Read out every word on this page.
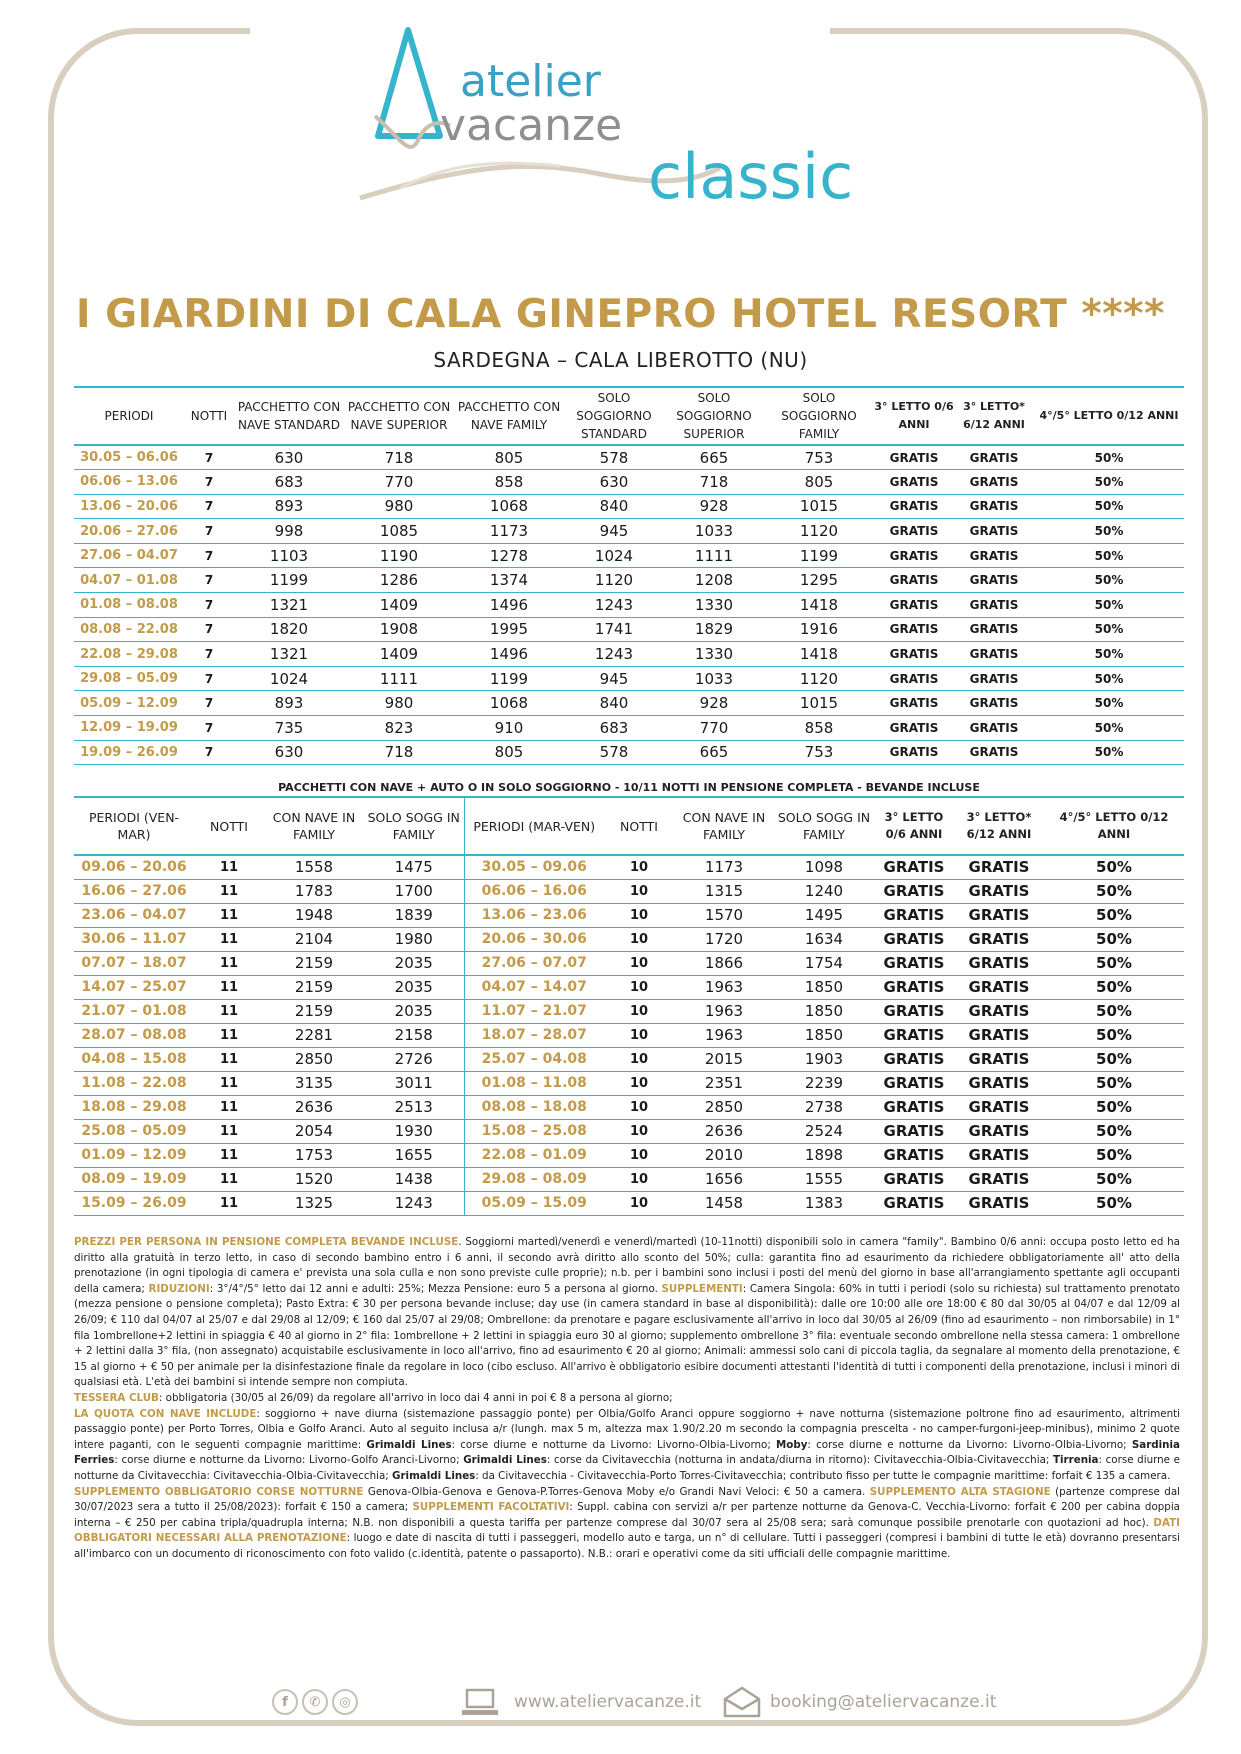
atelier
vacanze
classic
I GIARDINI DI CALA GINEPRO HOTEL RESORT ****
SARDEGNA – CALA LIBEROTTO (NU)
PERIODI	NOTTI	PACCHETTO CON NAVE STANDARD	PACCHETTO CON NAVE SUPERIOR	PACCHETTO CON NAVE FAMILY	SOLO SOGGIORNO STANDARD	SOLO SOGGIORNO SUPERIOR	SOLO SOGGIORNO FAMILY	3° LETTO 0/6 ANNI	3° LETTO* 6/12 ANNI	4°/5° LETTO 0/12 ANNI
30.05 – 06.06	7	630	718	805	578	665	753	GRATIS	GRATIS	50%
06.06 – 13.06	7	683	770	858	630	718	805	GRATIS	GRATIS	50%
13.06 – 20.06	7	893	980	1068	840	928	1015	GRATIS	GRATIS	50%
20.06 – 27.06	7	998	1085	1173	945	1033	1120	GRATIS	GRATIS	50%
27.06 – 04.07	7	1103	1190	1278	1024	1111	1199	GRATIS	GRATIS	50%
04.07 – 01.08	7	1199	1286	1374	1120	1208	1295	GRATIS	GRATIS	50%
01.08 – 08.08	7	1321	1409	1496	1243	1330	1418	GRATIS	GRATIS	50%
08.08 – 22.08	7	1820	1908	1995	1741	1829	1916	GRATIS	GRATIS	50%
22.08 – 29.08	7	1321	1409	1496	1243	1330	1418	GRATIS	GRATIS	50%
29.08 – 05.09	7	1024	1111	1199	945	1033	1120	GRATIS	GRATIS	50%
05.09 – 12.09	7	893	980	1068	840	928	1015	GRATIS	GRATIS	50%
12.09 – 19.09	7	735	823	910	683	770	858	GRATIS	GRATIS	50%
19.09 – 26.09	7	630	718	805	578	665	753	GRATIS	GRATIS	50%
PACCHETTI CON NAVE + AUTO O IN SOLO SOGGIORNO - 10/11 NOTTI IN PENSIONE COMPLETA - BEVANDE INCLUSE
PERIODI (VEN-MAR)	NOTTI	CON NAVE IN FAMILY	SOLO SOGG IN FAMILY	PERIODI (MAR-VEN)	NOTTI	CON NAVE IN FAMILY	SOLO SOGG IN FAMILY	3° LETTO 0/6 ANNI	3° LETTO* 6/12 ANNI	4°/5° LETTO 0/12 ANNI
09.06 – 20.06	11	1558	1475	30.05 – 09.06	10	1173	1098	GRATIS	GRATIS	50%
16.06 – 27.06	11	1783	1700	06.06 – 16.06	10	1315	1240	GRATIS	GRATIS	50%
23.06 – 04.07	11	1948	1839	13.06 – 23.06	10	1570	1495	GRATIS	GRATIS	50%
30.06 – 11.07	11	2104	1980	20.06 – 30.06	10	1720	1634	GRATIS	GRATIS	50%
07.07 – 18.07	11	2159	2035	27.06 – 07.07	10	1866	1754	GRATIS	GRATIS	50%
14.07 – 25.07	11	2159	2035	04.07 – 14.07	10	1963	1850	GRATIS	GRATIS	50%
21.07 – 01.08	11	2159	2035	11.07 – 21.07	10	1963	1850	GRATIS	GRATIS	50%
28.07 – 08.08	11	2281	2158	18.07 – 28.07	10	1963	1850	GRATIS	GRATIS	50%
04.08 – 15.08	11	2850	2726	25.07 – 04.08	10	2015	1903	GRATIS	GRATIS	50%
11.08 – 22.08	11	3135	3011	01.08 – 11.08	10	2351	2239	GRATIS	GRATIS	50%
18.08 – 29.08	11	2636	2513	08.08 – 18.08	10	2850	2738	GRATIS	GRATIS	50%
25.08 – 05.09	11	2054	1930	15.08 – 25.08	10	2636	2524	GRATIS	GRATIS	50%
01.09 – 12.09	11	1753	1655	22.08 – 01.09	10	2010	1898	GRATIS	GRATIS	50%
08.09 – 19.09	11	1520	1438	29.08 – 08.09	10	1656	1555	GRATIS	GRATIS	50%
15.09 – 26.09	11	1325	1243	05.09 – 15.09	10	1458	1383	GRATIS	GRATIS	50%

PREZZI PER PERSONA IN PENSIONE COMPLETA BEVANDE INCLUSE. Soggiorni martedì/venerdì e venerdì/martedì (10-11notti) disponibili solo in camera "family". Bambino 0/6 anni: occupa posto letto ed ha diritto alla gratuità in terzo letto, in caso di secondo bambino entro i 6 anni, il secondo avrà diritto allo sconto del 50%; culla: garantita fino ad esaurimento da richiedere obbligatoriamente all' atto della prenotazione (in ogni tipologia di camera e' prevista una sola culla e non sono previste culle proprie); n.b. per i bambini sono inclusi i posti del menù del giorno in base all'arrangiamento spettante agli occupanti della camera; RIDUZIONI: 3°/4°/5° letto dai 12 anni e adulti: 25%; Mezza Pensione: euro 5 a persona al giorno. SUPPLEMENTI: Camera Singola: 60% in tutti i periodi (solo su richiesta) sul trattamento prenotato (mezza pensione o pensione completa); Pasto Extra: € 30 per persona bevande incluse; day use (in camera standard in base al disponibilità): dalle ore 10:00 alle ore 18:00 € 80 dal 30/05 al 04/07 e dal 12/09 al 26/09; € 110 dal 04/07 al 25/07 e dal 29/08 al 12/09; € 160 dal 25/07 al 29/08; Ombrellone: da prenotare e pagare esclusivamente all'arrivo in loco dal 30/05 al 26/09 (fino ad esaurimento – non rimborsabile) in 1° fila 1ombrellone+2 lettini in spiaggia € 40 al giorno in 2° fila: 1ombrellone + 2 lettini in spiaggia euro 30 al giorno; supplemento ombrellone 3° fila: eventuale secondo ombrellone nella stessa camera: 1 ombrellone + 2 lettini dalla 3° fila, (non assegnato) acquistabile esclusivamente in loco all'arrivo, fino ad esaurimento € 20 al giorno; Animali: ammessi solo cani di piccola taglia, da segnalare al momento della prenotazione, € 15 al giorno + € 50 per animale per la disinfestazione finale da regolare in loco (cibo escluso. All'arrivo è obbligatorio esibire documenti attestanti l'identità di tutti i componenti della prenotazione, inclusi i minori di qualsiasi età. L'età dei bambini si intende sempre non compiuta.

TESSERA CLUB: obbligatoria (30/05 al 26/09) da regolare all'arrivo in loco dai 4 anni in poi € 8 a persona al giorno;

LA QUOTA CON NAVE INCLUDE: soggiorno + nave diurna (sistemazione passaggio ponte) per Olbia/Golfo Aranci oppure soggiorno + nave notturna (sistemazione poltrone fino ad esaurimento, altrimenti passaggio ponte) per Porto Torres, Olbia e Golfo Aranci. Auto al seguito inclusa a/r (lungh. max 5 m, altezza max 1.90/2.20 m secondo la compagnia prescelta - no camper-furgoni-jeep-minibus), minimo 2 quote intere paganti, con le seguenti compagnie marittime: Grimaldi Lines: corse diurne e notturne da Livorno: Livorno-Olbia-Livorno; Moby: corse diurne e notturne da Livorno: Livorno-Olbia-Livorno; Sardinia Ferries: corse diurne e notturne da Livorno: Livorno-Golfo Aranci-Livorno; Grimaldi Lines: corse da Civitavecchia (notturna in andata/diurna in ritorno): Civitavecchia-Olbia-Civitavecchia; Tirrenia: corse diurne e notturne da Civitavecchia: Civitavecchia-Olbia-Civitavecchia; Grimaldi Lines: da Civitavecchia - Civitavecchia-Porto Torres-Civitavecchia; contributo fisso per tutte le compagnie marittime: forfait € 135 a camera.

SUPPLEMENTO OBBLIGATORIO CORSE NOTTURNE Genova-Olbia-Genova e Genova-P.Torres-Genova Moby e/o Grandi Navi Veloci: € 50 a camera. SUPPLEMENTO ALTA STAGIONE (partenze comprese dal 30/07/2023 sera a tutto il 25/08/2023): forfait € 150 a camera; SUPPLEMENTI FACOLTATIVI: Suppl. cabina con servizi a/r per partenze notturne da Genova-C. Vecchia-Livorno: forfait € 200 per cabina doppia interna – € 250 per cabina tripla/quadrupla interna; N.B. non disponibili a questa tariffa per partenze comprese dal 30/07 sera al 25/08 sera; sarà comunque possibile prenotarle con quotazioni ad hoc). DATI OBBLIGATORI NECESSARI ALLA PRENOTAZIONE: luogo e date di nascita di tutti i passeggeri, modello auto e targa, un n° di cellulare. Tutti i passeggeri (compresi i bambini di tutte le età) dovranno presentarsi all'imbarco con un documento di riconoscimento con foto valido (c.identità, patente o passaporto). N.B.: orari e operativi come da siti ufficiali delle compagnie marittime.

f	✆	◎	www.ateliervacanze.it	booking@ateliervacanze.it
